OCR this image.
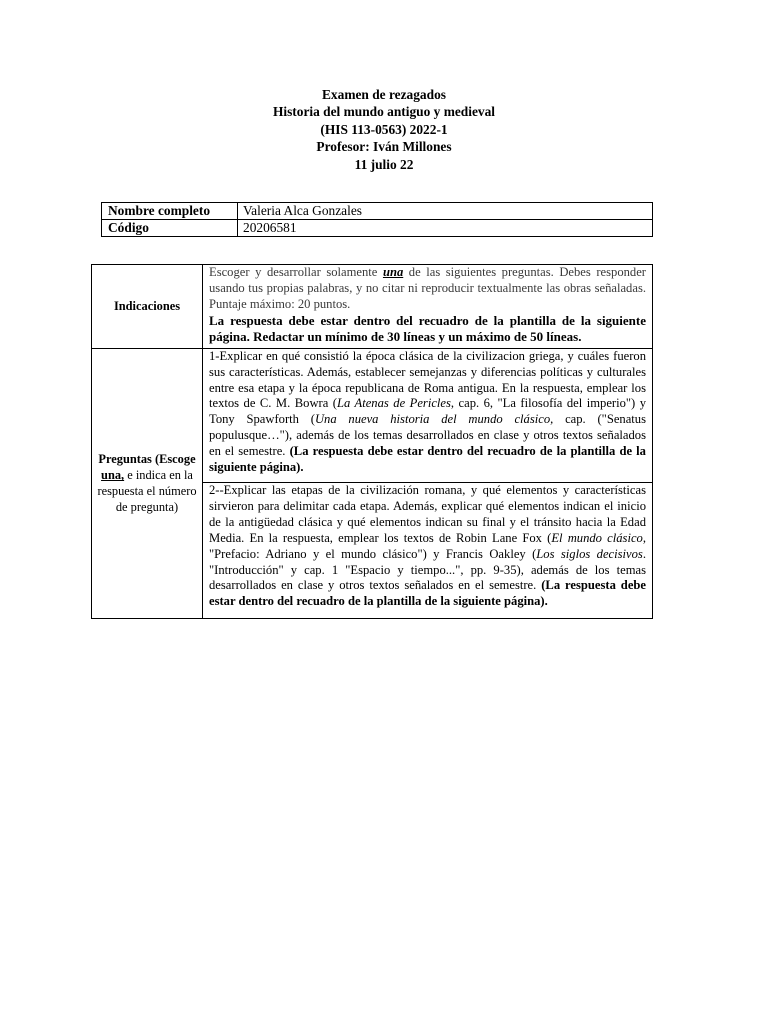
Examen de rezagados
Historia del mundo antiguo y medieval
(HIS 113-0563) 2022-1
Profesor: Iván Millones
11 julio 22
Nombre completo	Valeria Alca Gonzales
Código	20206581
Indicaciones	Escoger y desarrollar solamente una de las siguientes preguntas. Debes responder usando tus propias palabras, y no citar ni reproducir textualmente las obras señaladas. Puntaje máximo: 20 puntos.
La respuesta debe estar dentro del recuadro de la plantilla de la siguiente página. Redactar un mínimo de 30 líneas y un máximo de 50 líneas.

Preguntas (Escoge una, e indica en la respuesta el número de pregunta)	1-Explicar en qué consistió la época clásica de la civilizacion griega, y cuáles fueron sus características. Además, establecer semejanzas y diferencias políticas y culturales entre esa etapa y la época republicana de Roma antigua. En la respuesta, emplear los textos de C. M. Bowra (La Atenas de Pericles, cap. 6, "La filosofía del imperio") y Tony Spawforth (Una nueva historia del mundo clásico, cap. ("Senatus populusque…"), además de los temas desarrollados en clase y otros textos señalados en el semestre. (La respuesta debe estar dentro del recuadro de la plantilla de la siguiente página).
	2--Explicar las etapas de la civilización romana, y qué elementos y características sirvieron para delimitar cada etapa. Además, explicar qué elementos indican el inicio de la antigüedad clásica y qué elementos indican su final y el tránsito hacia la Edad Media. En la respuesta, emplear los textos de Robin Lane Fox (El mundo clásico, "Prefacio: Adriano y el mundo clásico") y Francis Oakley (Los siglos decisivos. "Introducción" y cap. 1 "Espacio y tiempo...", pp. 9-35), además de los temas desarrollados en clase y otros textos señalados en el semestre. (La respuesta debe estar dentro del recuadro de la plantilla de la siguiente página).
